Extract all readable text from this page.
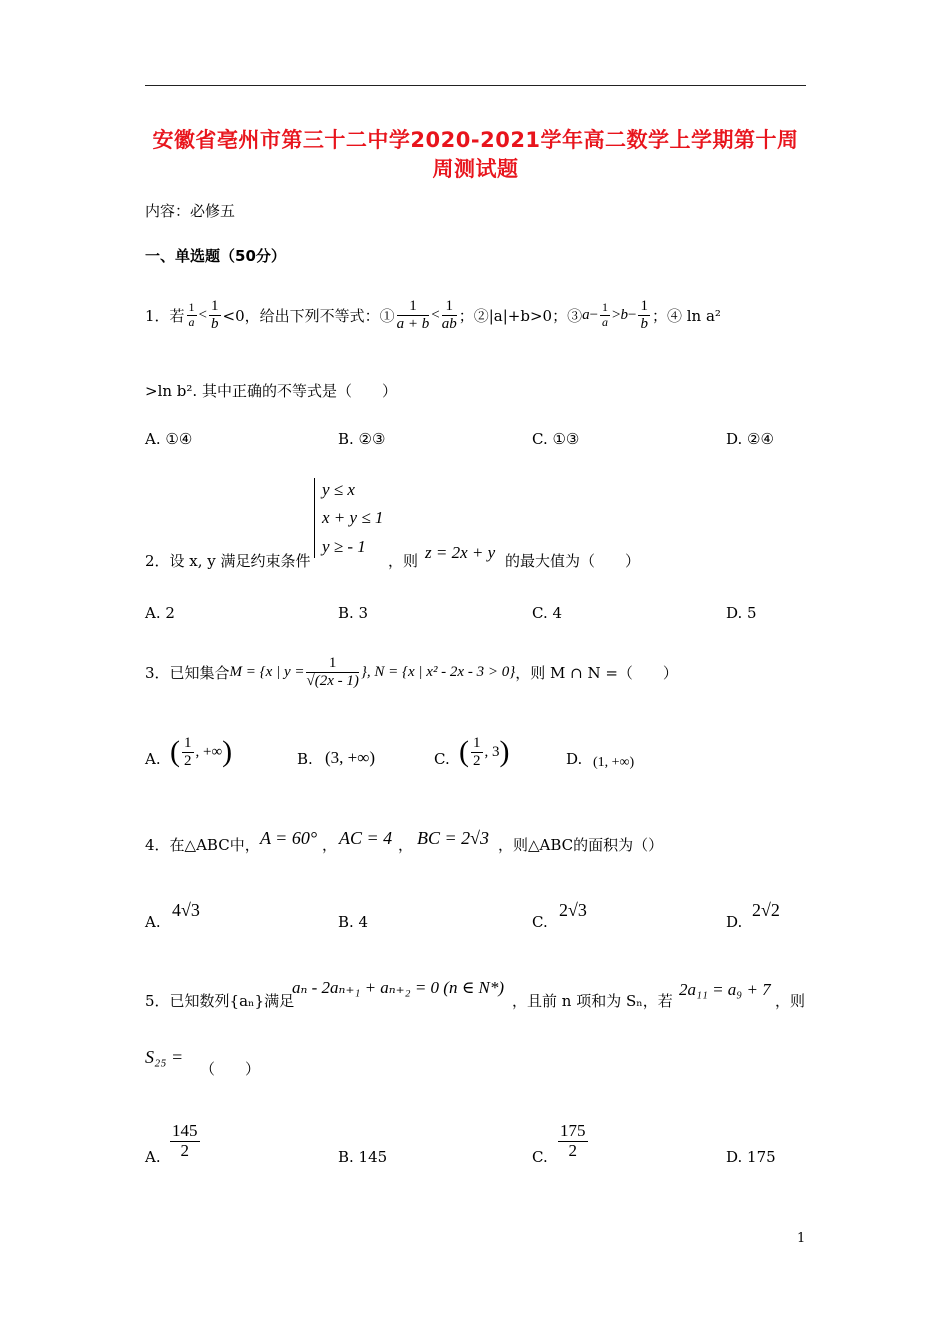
安徽省亳州市第三十二中学2020-2021学年高二数学上学期第十周
周测试题
内容：必修五
一、单选题（50分）
1．若 $\frac{1}{a} < \frac{1}{b} <0$，给出下列不等式：① $\frac{1}{a + b} < \frac{1}{ab}$ ；②|a|+b>0；③ $a - \frac{1}{a} > b - \frac{1}{b}$ ；④ ln a²
>ln b². 其中正确的不等式是（　　）
A. ①④	B. ②③	C. ①③	D. ②④
y ≤ x
x + y ≤ 1
y ≥ - 1
2．设 x, y 满足约束条件	，则 z = 2x + y 的最大值为（　　）
A. 2	B. 3	C. 4	D. 5
3．已知集合 M = {x | $y = \frac{1}{√(2x - 1)}$ }, N = {x | x² - 2x - 3 > 0} ，则 M ∩ N =（　　）
A. ( $\frac{1}{2}$ , +∞ )	B. (3, +∞)	C. ( $\frac{1}{2}$ , 3 )	D. (1, +∞)
4．在△ABC中， A = 60° ， AC = 4 ， BC = 2√3 ，则△ABC的面积为（）
A.
4√3
B. 4	C.
2√3
D.
2√2
5．已知数列{aₙ}满足
aₙ - 2aₙ₊₁ + aₙ₊₂ = 0 (n ∈ N*)
，且前 n 项和为 Sₙ，若
2a₁₁ = a₉ + 7
，则
S₂₅ =
（　　）
A. $\frac{145}{2}$	B. 145	C. $\frac{175}{2}$	D. 175
1
